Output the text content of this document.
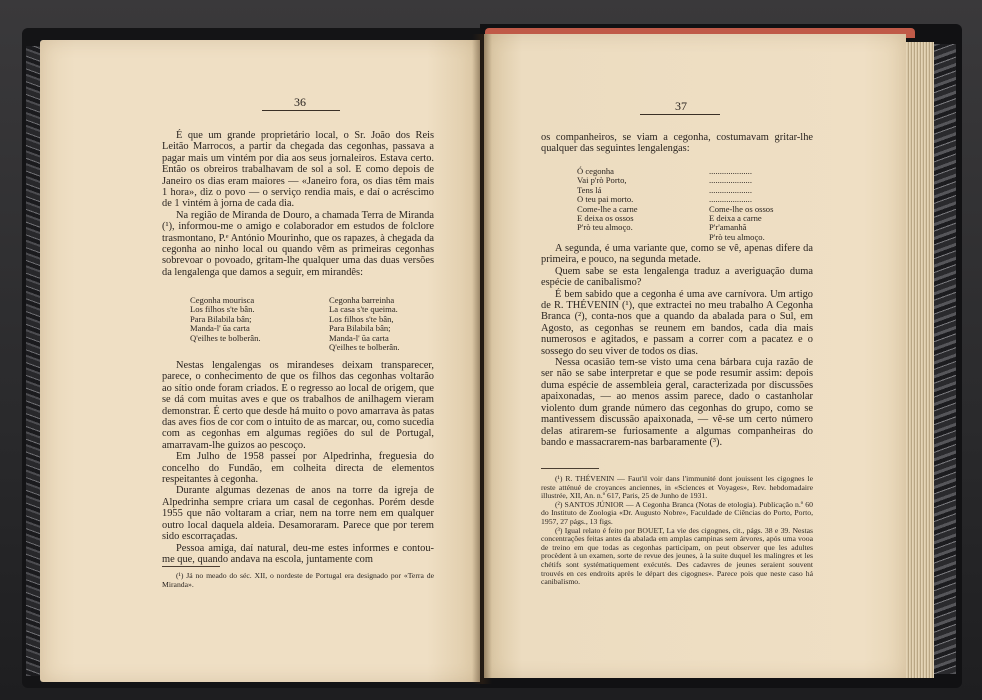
36

É que um grande proprietário local, o Sr. João dos Reis Leitão Marrocos, a partir da chegada das cegonhas, passava a pagar mais um vintém por dia aos seus jornaleiros. Estava certo. Então os obreiros trabalhavam de sol a sol. E como depois de Janeiro os dias eram maiores — «Janeiro fora, os dias têm mais 1 hora», diz o povo — o serviço rendia mais, e daí o acréscimo de 1 vintém à jorna de cada dia.

Na região de Miranda de Douro, a chamada Terra de Miranda (¹), informou-me o amigo e colaborador em estudos de folclore trasmontano, P.ᵉ António Mourinho, que os rapazes, à chegada da cegonha ao ninho local ou quando vêm as primeiras cegonhas sobrevoar o povoado, gritam-lhe qualquer uma das duas versões da lengalenga que damos a seguir, em mirandês:

Cegonha mourisca
Los filhos s'te bân.
Para Bilabila bân;
Manda-l' ũa carta
Q'eilhes te bolberân.
Cegonha barreinha
La casa s'te queima.
Los filhos s'te bân,
Para Bilabila bân;
Manda-l' ũa carta
Q'eilhes te bolberân.

Nestas lengalengas os mirandeses deixam transparecer, parece, o conhecimento de que os filhos das cegonhas voltarão ao sítio onde foram criados. E o regresso ao local de origem, que se dá com muitas aves e que os trabalhos de anilhagem vieram demonstrar. É certo que desde há muito o povo amarrava às patas das aves fios de cor com o intuito de as marcar, ou, como sucedia com as cegonhas em algumas regiões do sul de Portugal, amarravam-lhe guizos ao pescoço.

Em Julho de 1958 passei por Alpedrinha, freguesia do concelho do Fundão, em colheita directa de elementos respeitantes à cegonha.

Durante algumas dezenas de anos na torre da igreja de Alpedrinha sempre criara um casal de cegonhas. Porém desde 1955 que não voltaram a criar, nem na torre nem em qualquer outro local daquela aldeia. Desamoraram. Parece que por terem sido escorraçadas.

Pessoa amiga, daí natural, deu-me estes informes e contou-me que, quando andava na escola, juntamente com

(¹) Já no meado do séc. XII, o nordeste de Portugal era designado por «Terra de Miranda».

37

os companheiros, se viam a cegonha, costumavam gritar-lhe qualquer das seguintes lengalengas:

Ó cegonha
Vai p'rò Porto,
Tens lá
O teu pai morto.
Come-lhe a carne
E deixa os ossos
P'rò teu almoço.
....................
....................
....................
....................
Come-lhe os ossos
E deixa a carne
P'r'amanhã
P'rò teu almoço.

A segunda, é uma variante que, como se vê, apenas difere da primeira, e pouco, na segunda metade.

Quem sabe se esta lengalenga traduz a averiguação duma espécie de canibalismo?

É bem sabido que a cegonha é uma ave carnívora. Um artigo de R. THÉVENIN (¹), que extractei no meu trabalho A Cegonha Branca (²), conta-nos que a quando da abalada para o Sul, em Agosto, as cegonhas se reunem em bandos, cada dia mais numerosos e agitados, e passam a correr com a pacatez e o sossego do seu viver de todos os dias.

Nessa ocasião tem-se visto uma cena bárbara cuja razão de ser não se sabe interpretar e que se pode resumir assim: depois duma espécie de assembleia geral, caracterizada por discussões apaixonadas, — ao menos assim parece, dado o castanholar violento dum grande número das cegonhas do grupo, como se mantivessem discussão apaixonada, — vê-se um certo número delas atirarem-se furiosamente a algumas companheiras do bando e massacrarem-nas barbaramente (³).

(¹) R. THÉVENIN — Faut'il voir dans l'immunité dont jouissent les cigognes le reste atténué de croyances anciennes, in «Sciences et Voyages», Rev. hebdomadaire illustrée, XII, An. n.º 617, Paris, 25 de Junho de 1931.

(²) SANTOS JÚNIOR — A Cegonha Branca (Notas de etologia). Publicação n.º 60 do Instituto de Zoologia «Dr. Augusto Nobre», Faculdade de Ciências do Porto, Porto, 1957, 27 págs., 13 figs.

(³) Igual relato é feito por BOUET, La vie des cigognes, cit., págs. 38 e 39. Nestas concentrações feitas antes da abalada em amplas campinas sem árvores, após uma vooa de treino em que todas as cegonhas participam, on peut observer que les adultes procèdent à un examen, sorte de revue des jeunes, à la suite duquel les malingres et les chétifs sont systématiquement exécutés. Des cadavres de jeunes seraient souvent trouvés en ces endroits après le départ des cigognes». Parece pois que neste caso há canibalismo.
